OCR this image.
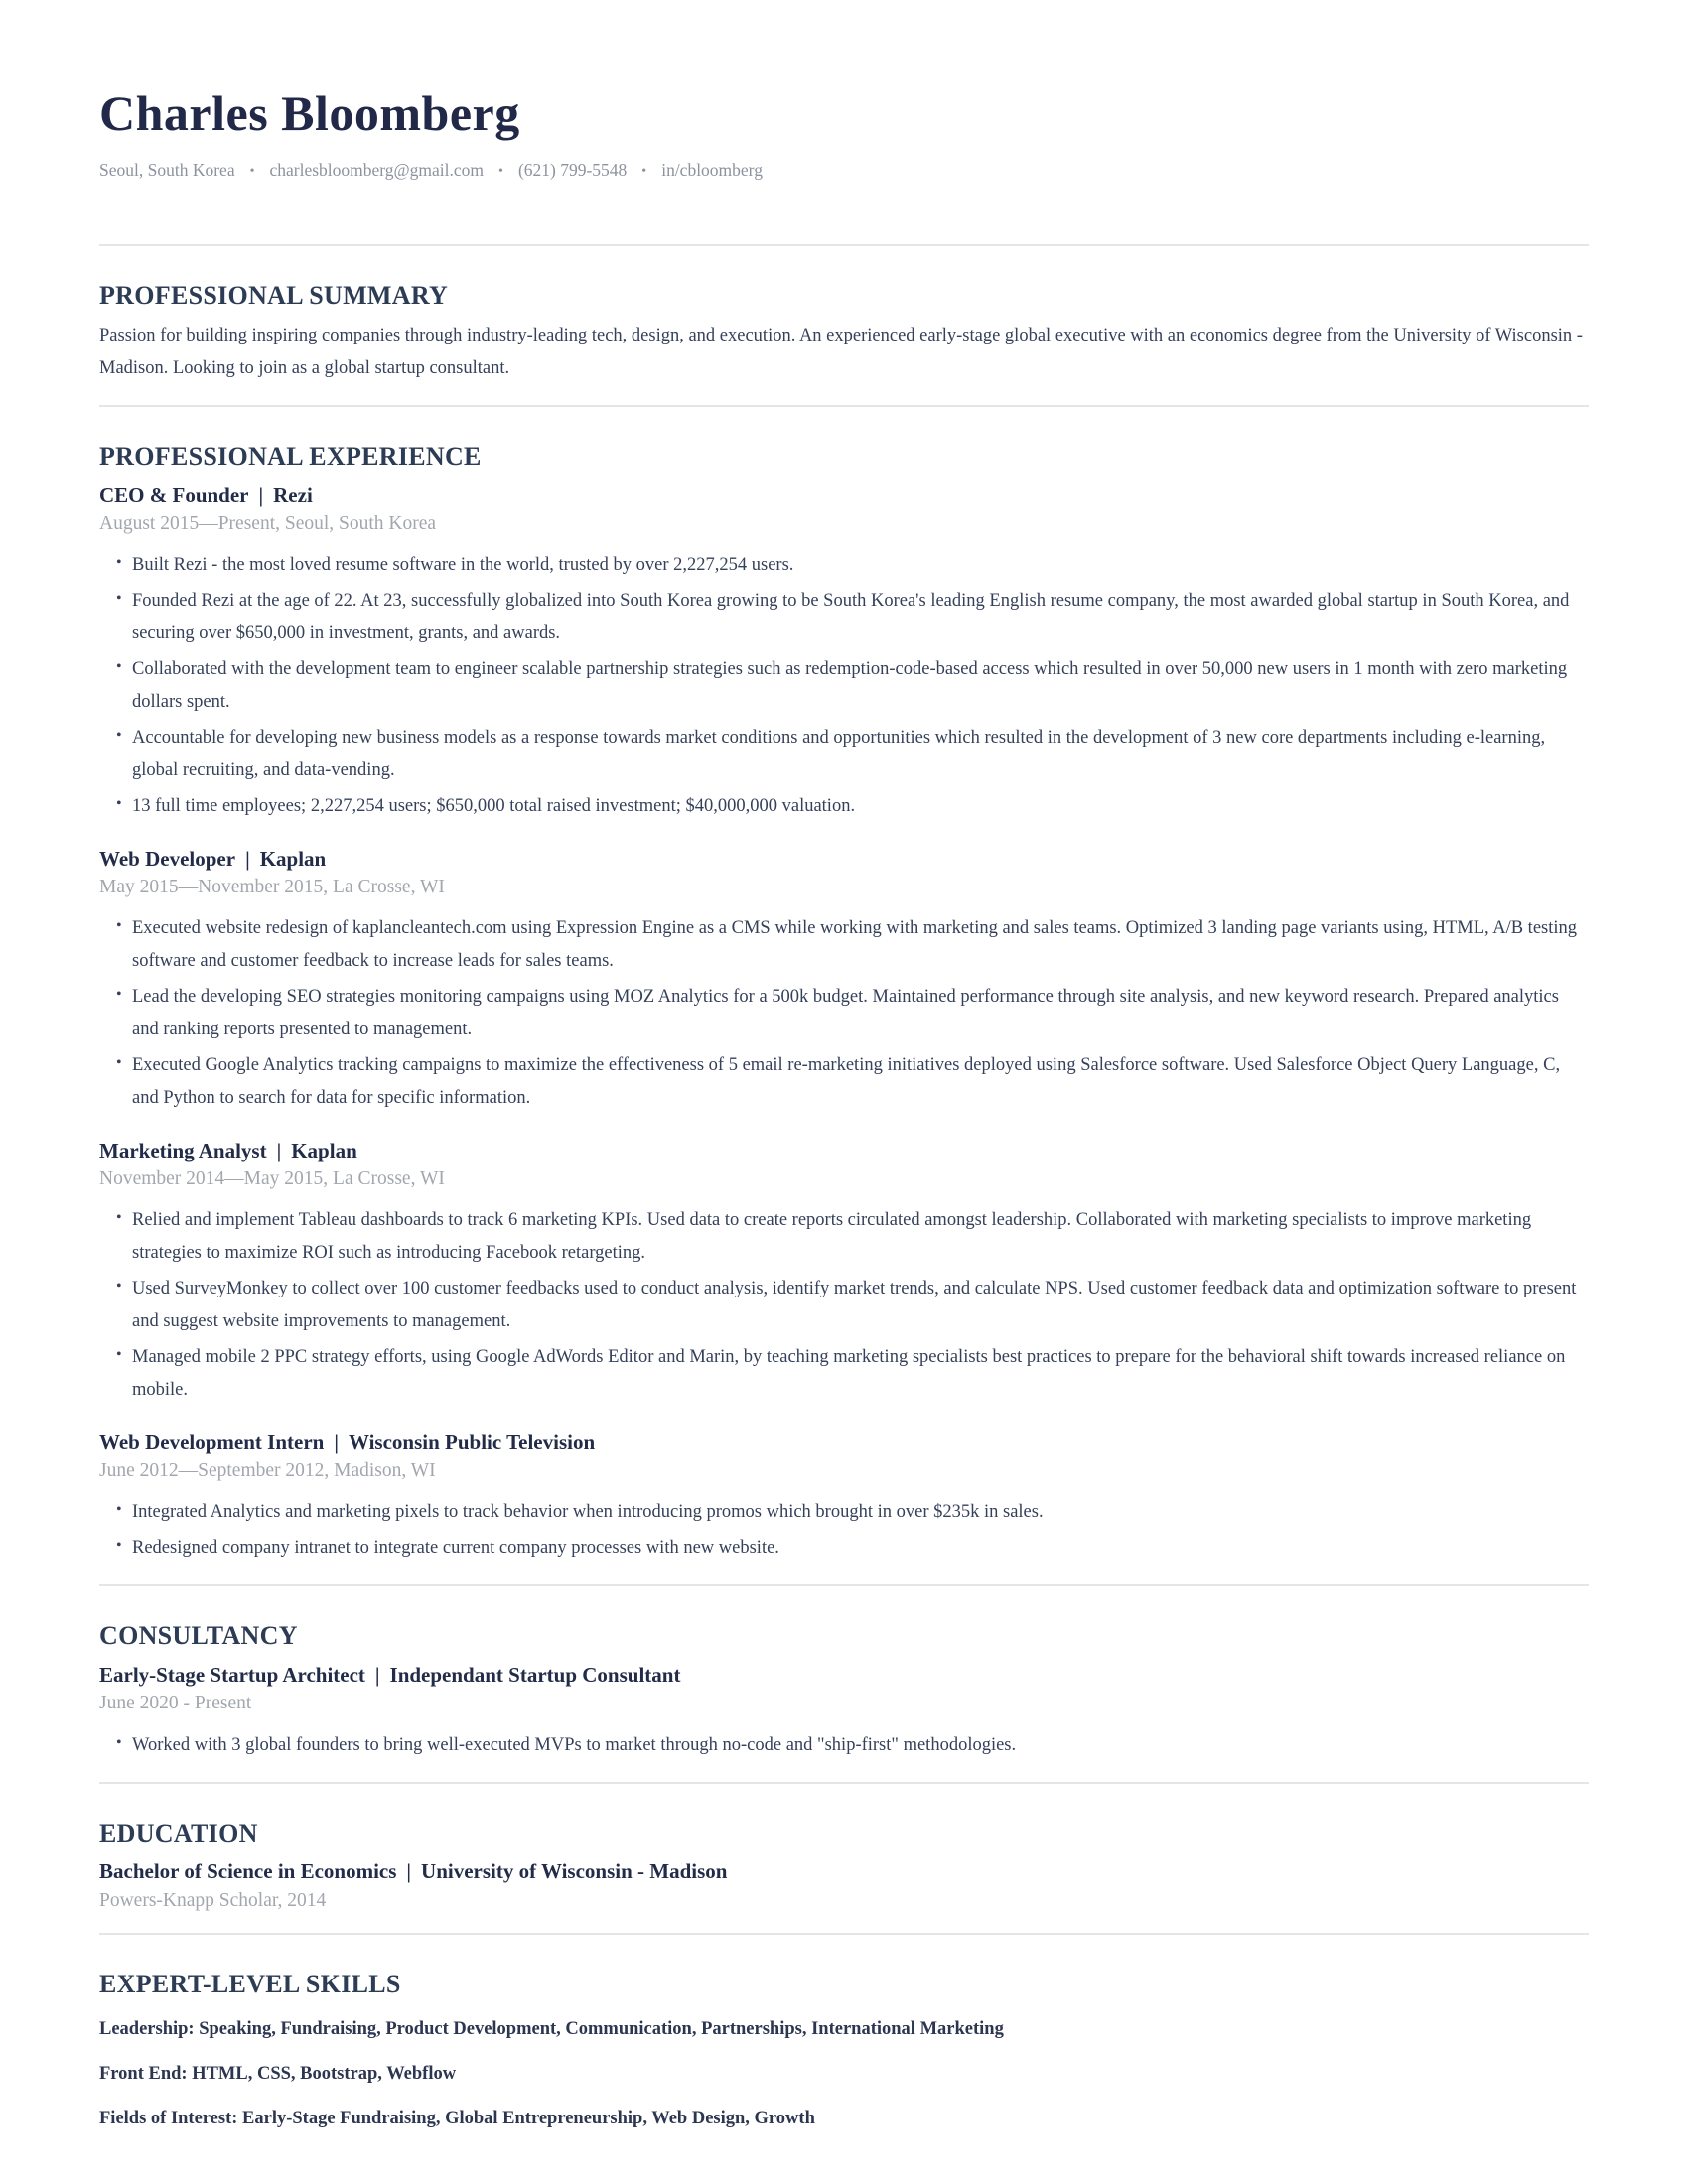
Charles Bloomberg
Seoul, South Korea • charlesbloomberg@gmail.com • (621) 799-5548 • in/cbloomberg
PROFESSIONAL SUMMARY

Passion for building inspiring companies through industry-leading tech, design, and execution. An experienced early-stage global executive with an economics degree from the University of Wisconsin - Madison. Looking to join as a global startup consultant.

PROFESSIONAL EXPERIENCE
CEO & Founder | Rezi
August 2015—Present, Seoul, South Korea
• Built Rezi - the most loved resume software in the world, trusted by over 2,227,254 users.
• Founded Rezi at the age of 22. At 23, successfully globalized into South Korea growing to be South Korea's leading English resume company, the most awarded global startup in South Korea, and securing over $650,000 in investment, grants, and awards.
• Collaborated with the development team to engineer scalable partnership strategies such as redemption-code-based access which resulted in over 50,000 new users in 1 month with zero marketing dollars spent.
• Accountable for developing new business models as a response towards market conditions and opportunities which resulted in the development of 3 new core departments including e-learning, global recruiting, and data-vending.
• 13 full time employees; 2,227,254 users; $650,000 total raised investment; $40,000,000 valuation.
Web Developer | Kaplan
May 2015—November 2015, La Crosse, WI
• Executed website redesign of kaplancleantech.com using Expression Engine as a CMS while working with marketing and sales teams. Optimized 3 landing page variants using, HTML, A/B testing software and customer feedback to increase leads for sales teams.
• Lead the developing SEO strategies monitoring campaigns using MOZ Analytics for a 500k budget. Maintained performance through site analysis, and new keyword research. Prepared analytics and ranking reports presented to management.
• Executed Google Analytics tracking campaigns to maximize the effectiveness of 5 email re-marketing initiatives deployed using Salesforce software. Used Salesforce Object Query Language, C, and Python to search for data for specific information.
Marketing Analyst | Kaplan
November 2014—May 2015, La Crosse, WI
• Relied and implement Tableau dashboards to track 6 marketing KPIs. Used data to create reports circulated amongst leadership. Collaborated with marketing specialists to improve marketing strategies to maximize ROI such as introducing Facebook retargeting.
• Used SurveyMonkey to collect over 100 customer feedbacks used to conduct analysis, identify market trends, and calculate NPS. Used customer feedback data and optimization software to present and suggest website improvements to management.
• Managed mobile 2 PPC strategy efforts, using Google AdWords Editor and Marin, by teaching marketing specialists best practices to prepare for the behavioral shift towards increased reliance on mobile.
Web Development Intern | Wisconsin Public Television
June 2012—September 2012, Madison, WI
• Integrated Analytics and marketing pixels to track behavior when introducing promos which brought in over $235k in sales.
• Redesigned company intranet to integrate current company processes with new website.
CONSULTANCY
Early-Stage Startup Architect | Independant Startup Consultant
June 2020 - Present
• Worked with 3 global founders to bring well-executed MVPs to market through no-code and "ship-first" methodologies.
EDUCATION
Bachelor of Science in Economics | University of Wisconsin - Madison
Powers-Knapp Scholar, 2014
EXPERT-LEVEL SKILLS
Leadership: Speaking, Fundraising, Product Development, Communication, Partnerships, International Marketing
Front End: HTML, CSS, Bootstrap, Webflow
Fields of Interest: Early-Stage Fundraising, Global Entrepreneurship, Web Design, Growth
